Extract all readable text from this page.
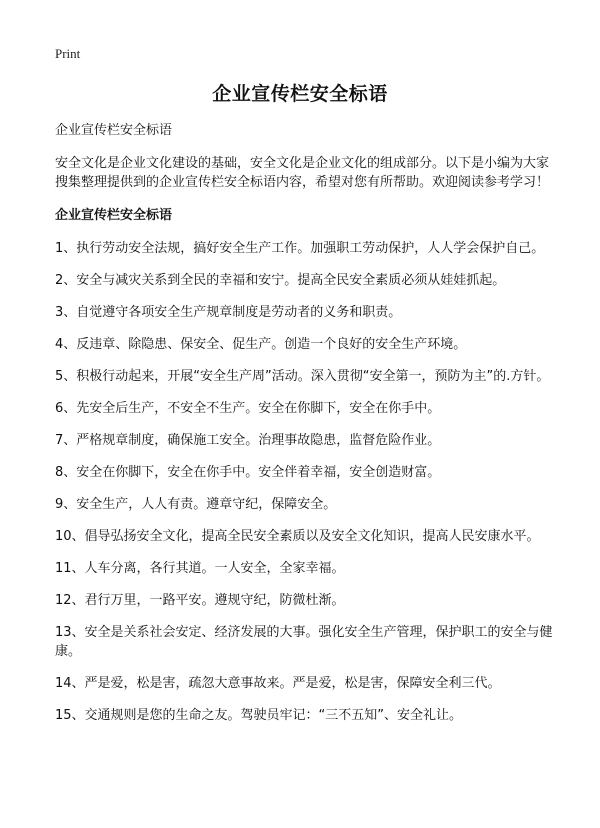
Print
企业宣传栏安全标语

企业宣传栏安全标语

安全文化是企业文化建设的基础，安全文化是企业文化的组成部分。以下是小编为大家搜集整理提供到的企业宣传栏安全标语内容，希望对您有所帮助。欢迎阅读参考学习！

企业宣传栏安全标语

1、执行劳动安全法规，搞好安全生产工作。加强职工劳动保护，人人学会保护自己。

2、安全与减灾关系到全民的幸福和安宁。提高全民安全素质必须从娃娃抓起。

3、自觉遵守各项安全生产规章制度是劳动者的义务和职责。

4、反违章、除隐患、保安全、促生产。创造一个良好的安全生产环境。

5、积极行动起来，开展“安全生产周”活动。深入贯彻“安全第一，预防为主”的.方针。

6、先安全后生产，不安全不生产。安全在你脚下，安全在你手中。

7、严格规章制度，确保施工安全。治理事故隐患，监督危险作业。

8、安全在你脚下，安全在你手中。安全伴着幸福，安全创造财富。

9、安全生产，人人有责。遵章守纪，保障安全。

10、倡导弘扬安全文化，提高全民安全素质以及安全文化知识，提高人民安康水平。

11、人车分离，各行其道。一人安全，全家幸福。

12、君行万里，一路平安。遵规守纪，防微杜渐。

13、安全是关系社会安定、经济发展的大事。强化安全生产管理，保护职工的安全与健康。

14、严是爱，松是害，疏忽大意事故来。严是爱，松是害，保障安全利三代。

15、交通规则是您的生命之友。驾驶员牢记：“三不五知”、安全礼让。
